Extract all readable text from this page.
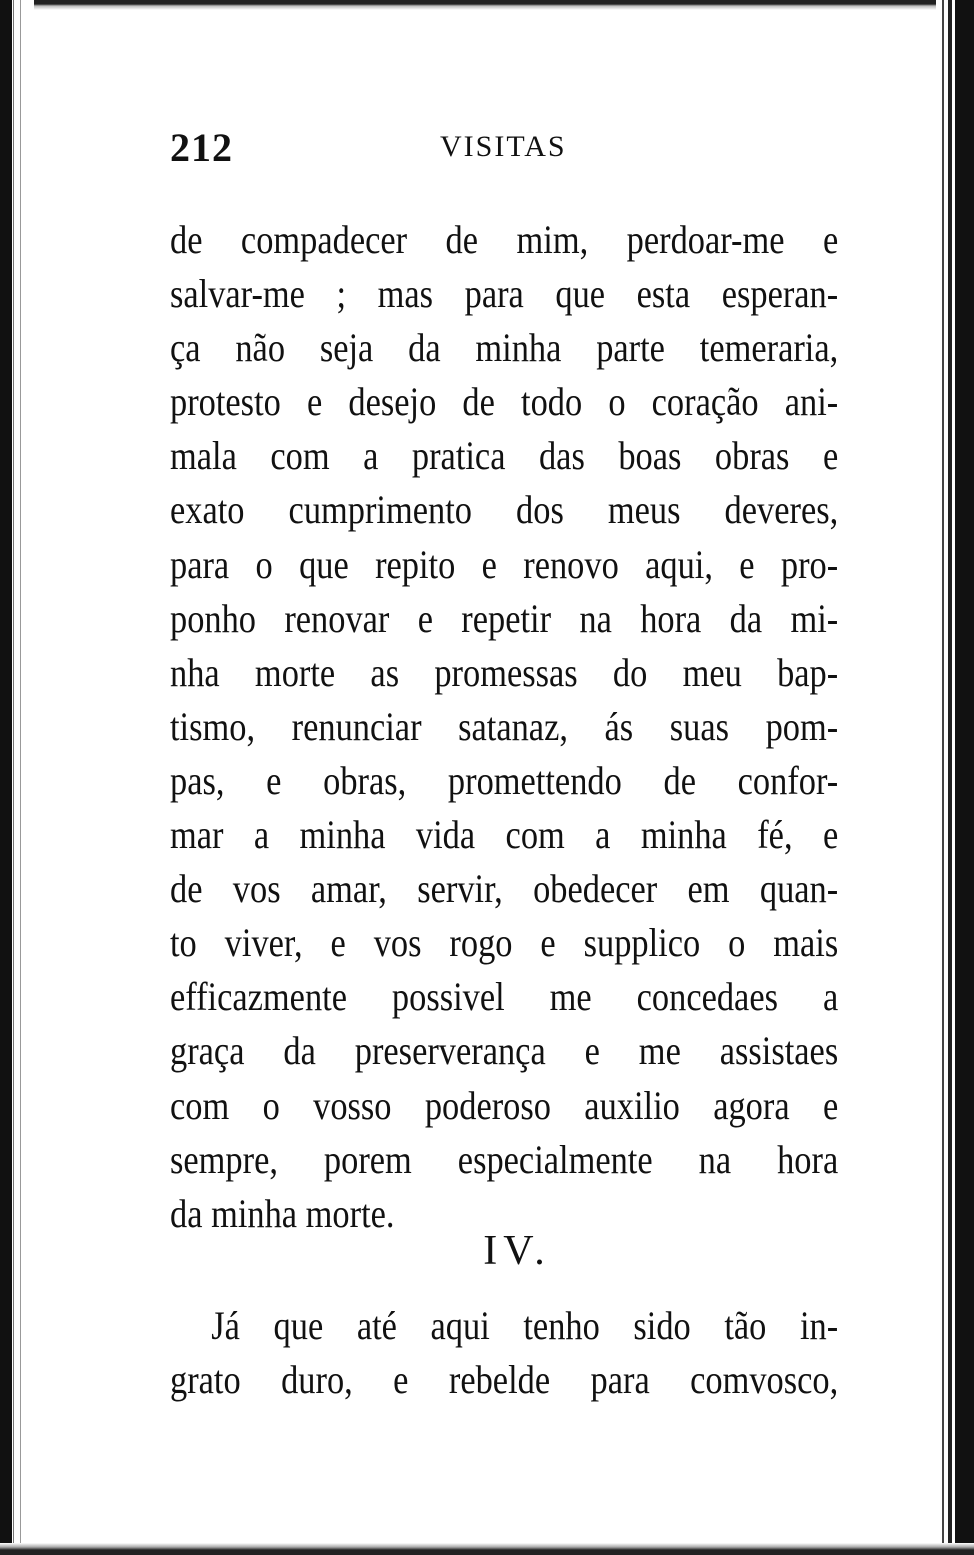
212	VISITAS
de compadecer de mim, perdoar-me e
salvar-me ; mas para que esta esperan-
ça não seja da minha parte temeraria,
protesto e desejo de todo o coração ani-
mala com a pratica das boas obras e
exato cumprimento dos meus deveres,
para o que repito e renovo aqui, e pro-
ponho renovar e repetir na hora da mi-
nha morte as promessas do meu bap-
tismo, renunciar satanaz, ás suas pom-
pas, e obras, promettendo de confor-
mar a minha vida com a minha fé, e
de vos amar, servir, obedecer em quan-
to viver, e vos rogo e supplico o mais
efficazmente possivel me concedaes a
graça da preserverança e me assistaes
com o vosso poderoso auxilio agora e
sempre, porem especialmente na hora
da minha morte.
IV.
Já que até aqui tenho sido tão in-
grato duro, e rebelde para comvosco,
